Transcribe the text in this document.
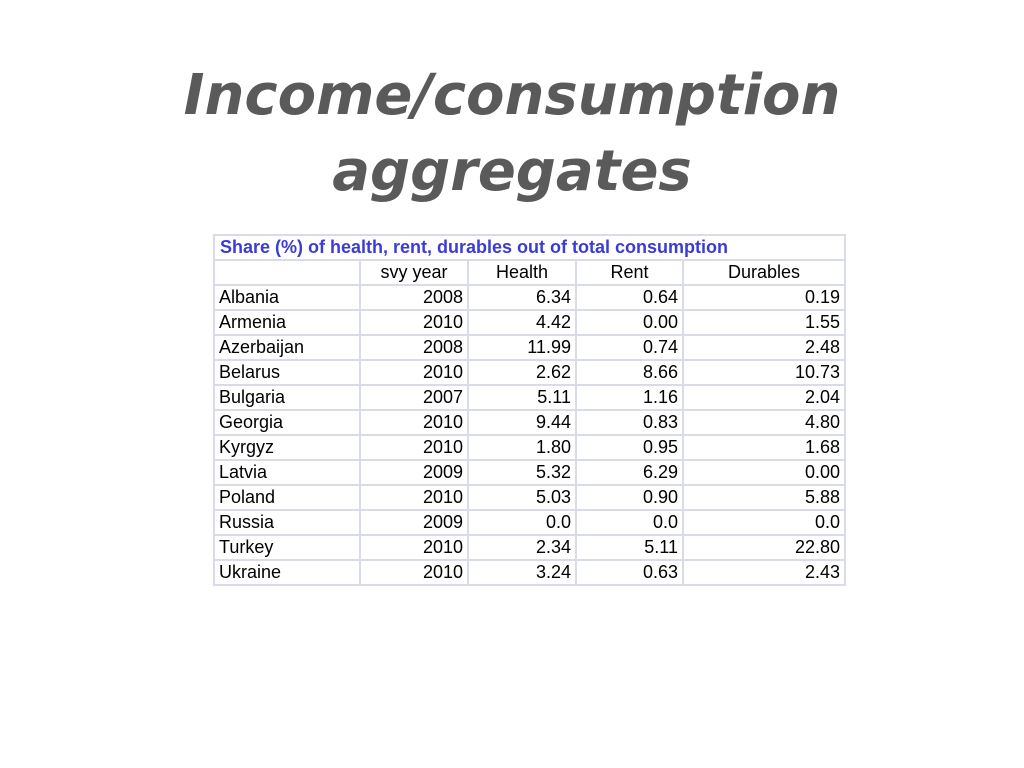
Income/consumption
aggregates
Share (%) of health, rent, durables out of total consumption				
	svy year	Health	Rent	Durables
Albania	2008	6.34	0.64	0.19
Armenia	2010	4.42	0.00	1.55
Azerbaijan	2008	11.99	0.74	2.48
Belarus	2010	2.62	8.66	10.73
Bulgaria	2007	5.11	1.16	2.04
Georgia	2010	9.44	0.83	4.80
Kyrgyz	2010	1.80	0.95	1.68
Latvia	2009	5.32	6.29	0.00
Poland	2010	5.03	0.90	5.88
Russia	2009	0.0	0.0	0.0
Turkey	2010	2.34	5.11	22.80
Ukraine	2010	3.24	0.63	2.43
